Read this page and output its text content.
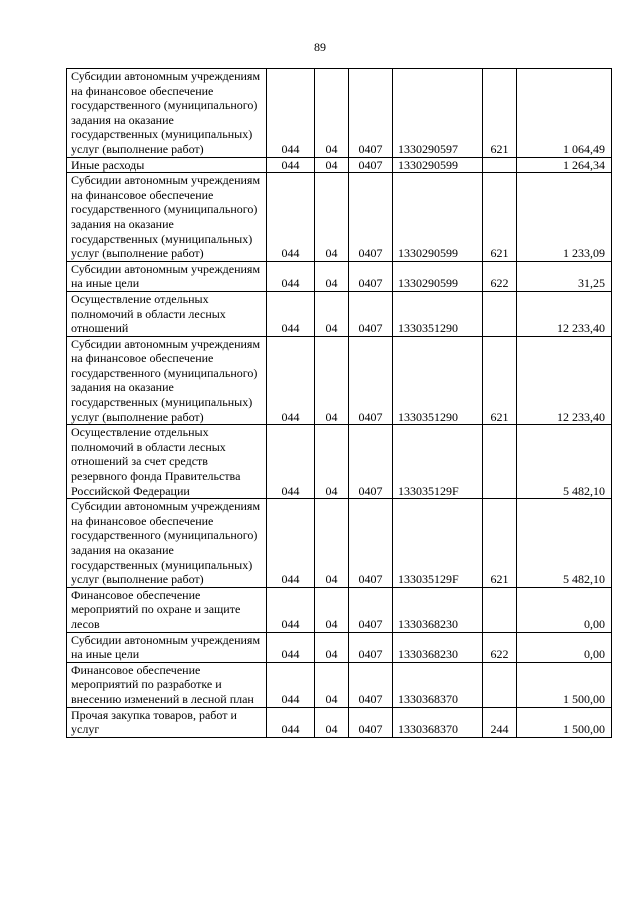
89
Субсидии автономным учреждениям на финансовое обеспечение государственного (муниципального) задания на оказание государственных (муниципальных) услуг (выполнение работ)	044	04	0407	1330290597	621	1 064,49
Иные расходы	044	04	0407	1330290599		1 264,34
Субсидии автономным учреждениям на финансовое обеспечение государственного (муниципального) задания на оказание государственных (муниципальных) услуг (выполнение работ)	044	04	0407	1330290599	621	1 233,09
Субсидии автономным учреждениям на иные цели	044	04	0407	1330290599	622	31,25
Осуществление отдельных полномочий в области лесных отношений	044	04	0407	1330351290		12 233,40
Субсидии автономным учреждениям на финансовое обеспечение государственного (муниципального) задания на оказание государственных (муниципальных) услуг (выполнение работ)	044	04	0407	1330351290	621	12 233,40
Осуществление отдельных полномочий в области лесных отношений за счет средств резервного фонда Правительства Российской Федерации	044	04	0407	133035129F		5 482,10
Субсидии автономным учреждениям на финансовое обеспечение государственного (муниципального) задания на оказание государственных (муниципальных) услуг (выполнение работ)	044	04	0407	133035129F	621	5 482,10
Финансовое обеспечение мероприятий по охране и защите лесов	044	04	0407	1330368230		0,00
Субсидии автономным учреждениям на иные цели	044	04	0407	1330368230	622	0,00
Финансовое обеспечение мероприятий по разработке и внесению изменений в лесной план	044	04	0407	1330368370		1 500,00
Прочая закупка товаров, работ и услуг	044	04	0407	1330368370	244	1 500,00
